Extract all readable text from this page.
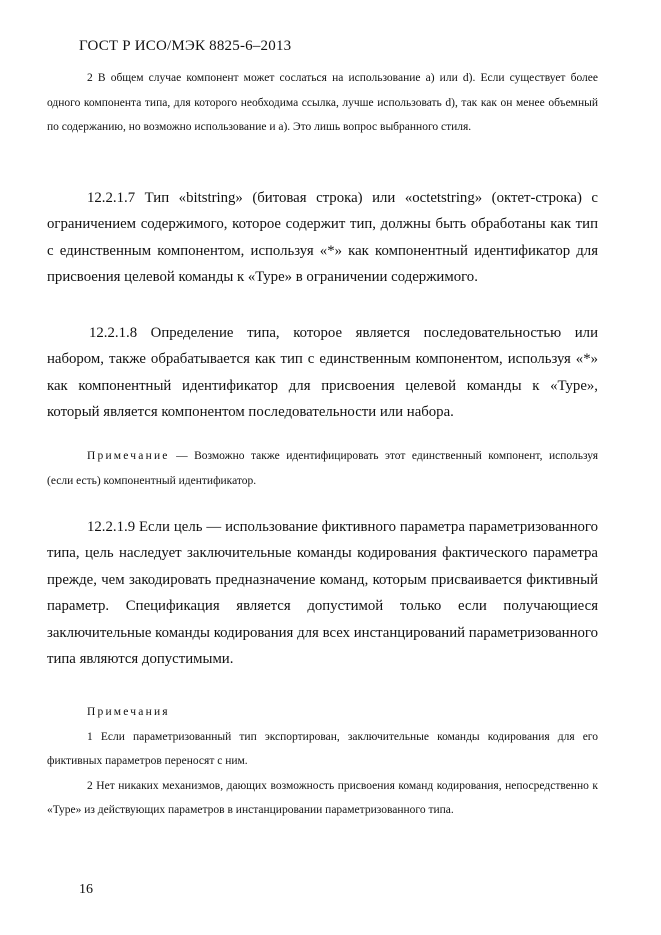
ГОСТ Р ИСО/МЭК 8825-6–2013

2 В общем случае компонент может сослаться на использование а) или d). Если существует более одного компонента типа, для которого необходима ссылка, лучше использовать d), так как он менее объемный по содержанию, но возможно использование и а). Это лишь вопрос выбранного стиля.

12.2.1.7 Тип «bitstring» (битовая строка) или «octetstring» (октет-строка) с ограничением содержимого, которое содержит тип, должны быть обработаны как тип с единственным компонентом, используя «*» как компонентный идентификатор для присвоения целевой команды к «Type» в ограничении содержимого.

12.2.1.8 Определение типа, которое является последовательностью или набором, также обрабатывается как тип с единственным компонентом, используя «*» как компонентный идентификатор для присвоения целевой команды к «Type», который является компонентом последовательности или набора.

Примечание — Возможно также идентифицировать этот единственный компонент, используя (если есть) компонентный идентификатор.

12.2.1.9 Если цель — использование фиктивного параметра параметризованного типа, цель наследует заключительные команды кодирования фактического параметра прежде, чем закодировать предназначение команд, которым присваивается фиктивный параметр. Спецификация является допустимой только если получающиеся заключительные команды кодирования для всех инстанцирований параметризованного типа являются допустимыми.

Примечания

1 Если параметризованный тип экспортирован, заключительные команды кодирования для его фиктивных параметров переносят с ним.

2 Нет никаких механизмов, дающих возможность присвоения команд кодирования, непосредственно к «Type» из действующих параметров в инстанцировании параметризованного типа.

16
